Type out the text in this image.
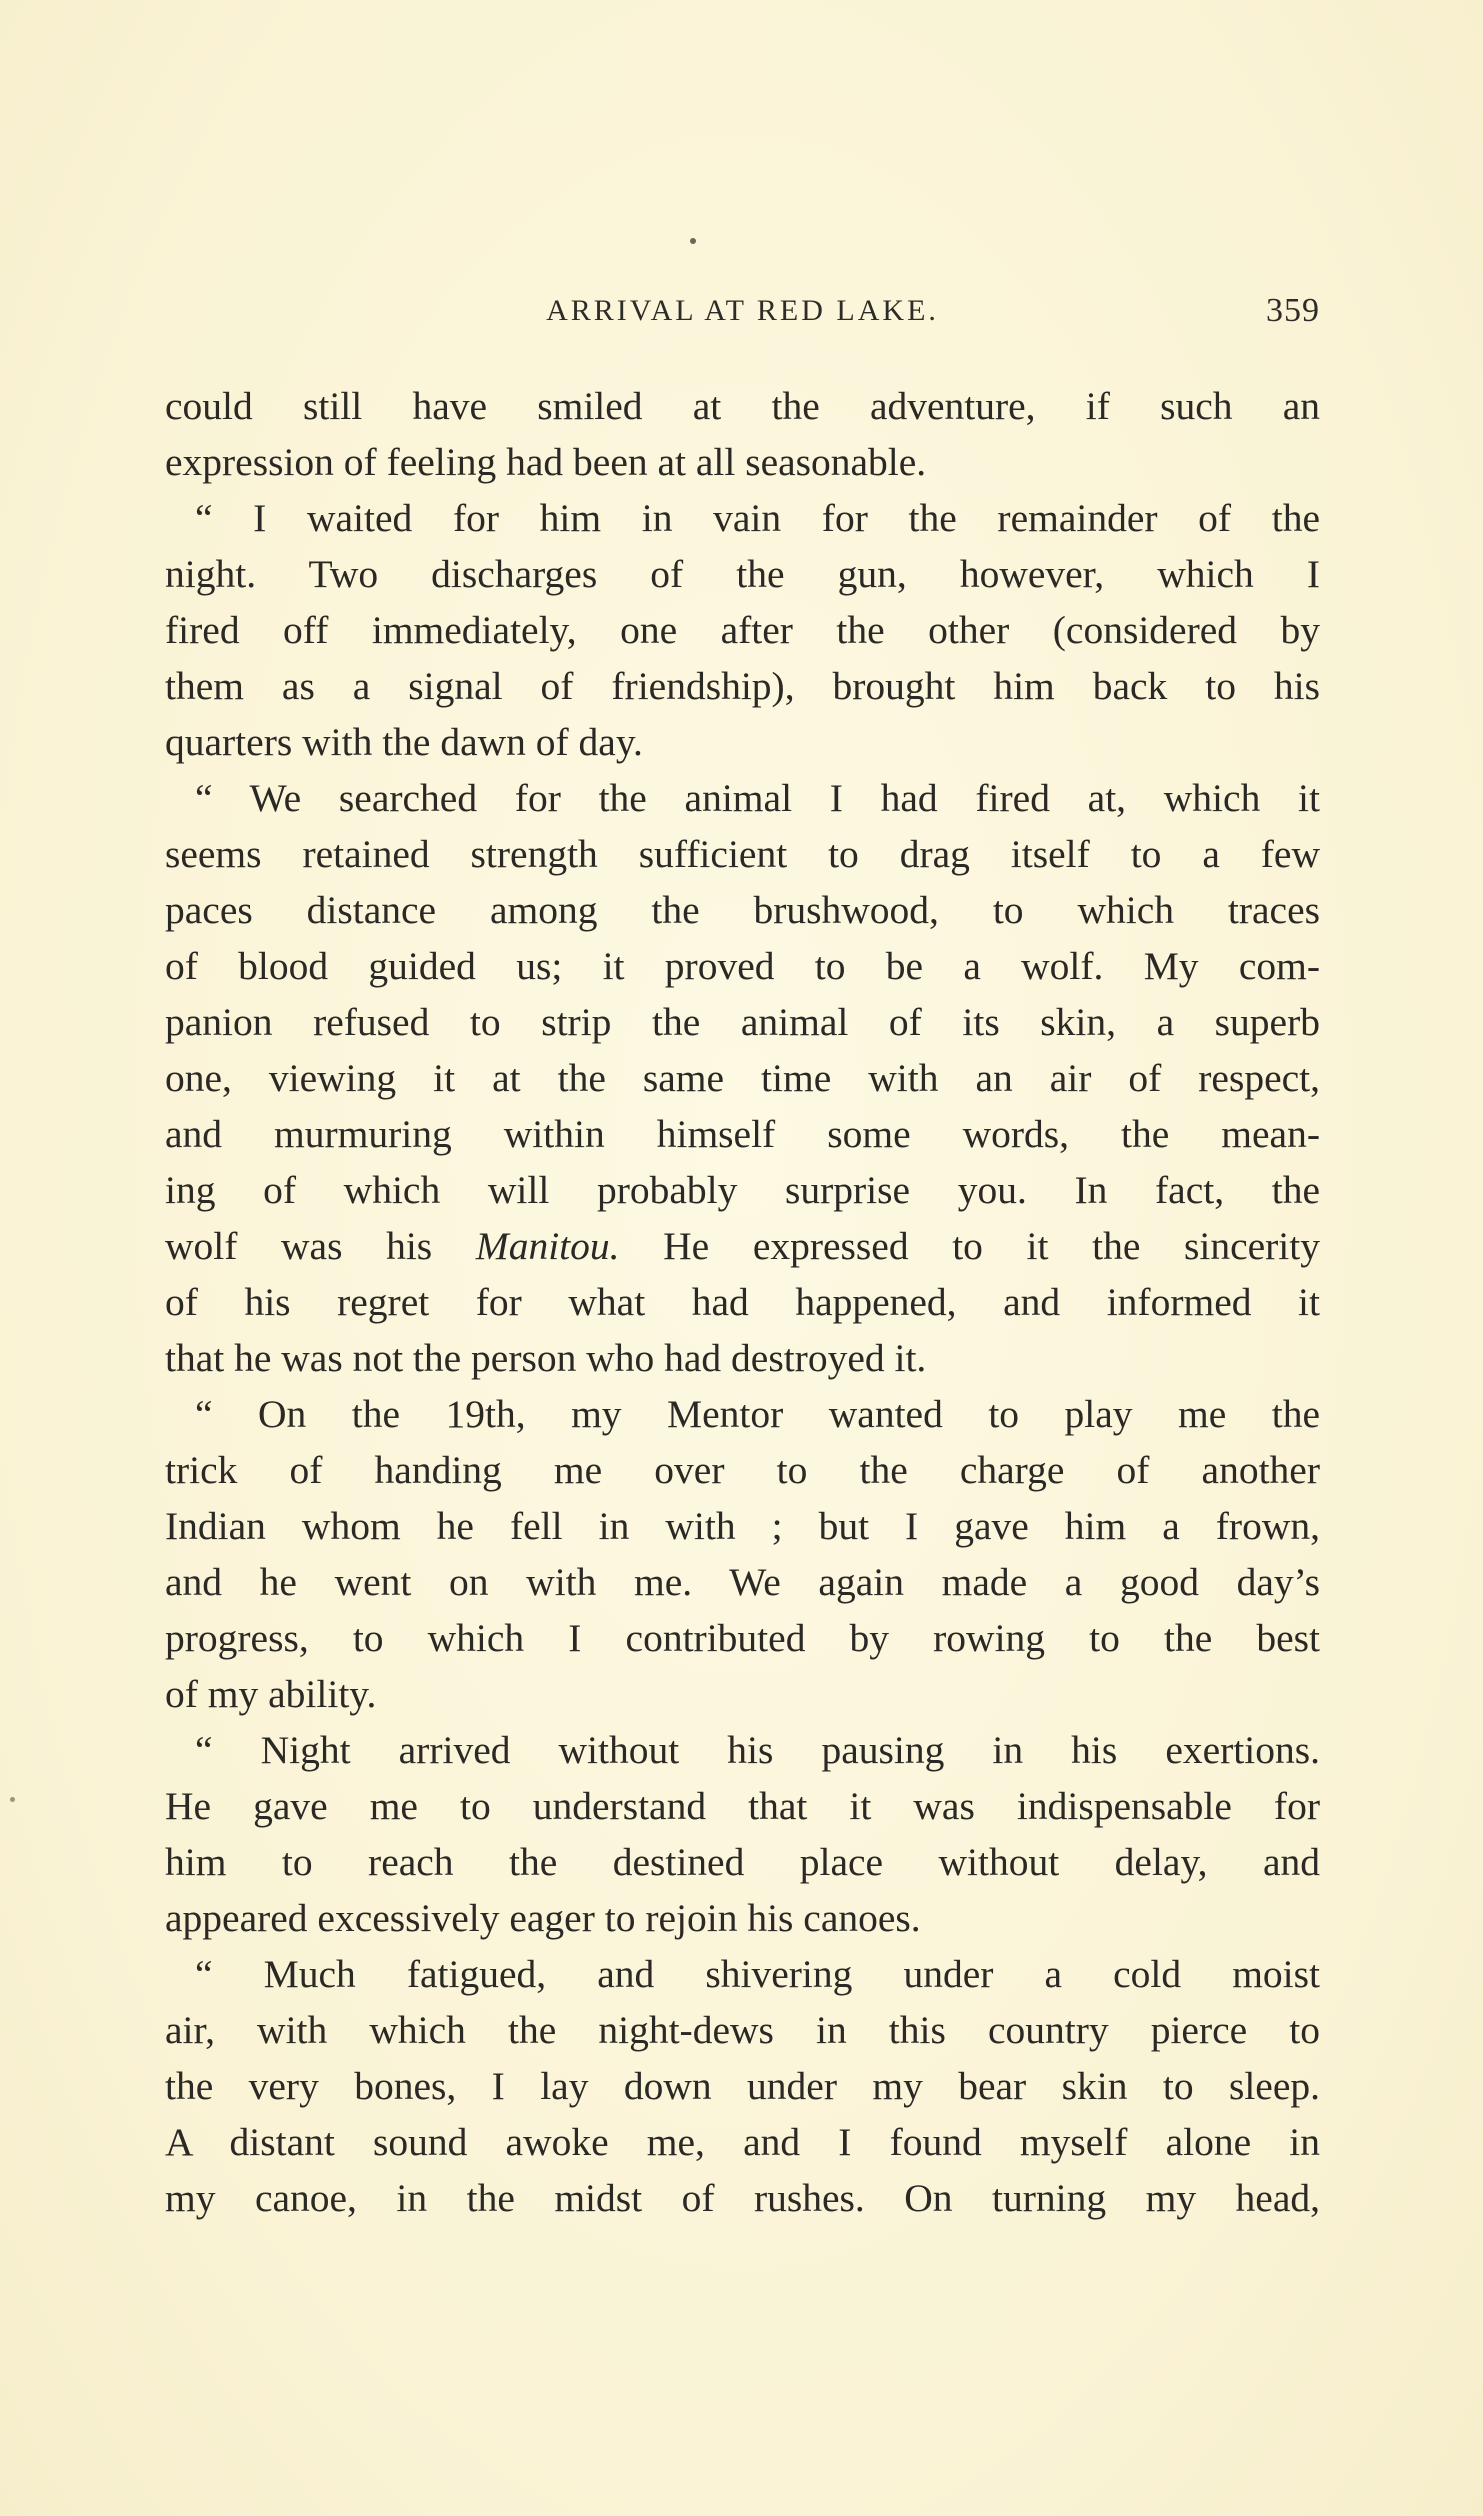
ARRIVAL AT RED LAKE.	359
could still have smiled at the adventure, if such an
expression of feeling had been at all seasonable.
“ I waited for him in vain for the remainder of the
night. Two discharges of the gun, however, which I
fired off immediately, one after the other (considered by
them as a signal of friendship), brought him back to his
quarters with the dawn of day.
“ We searched for the animal I had fired at, which it
seems retained strength sufficient to drag itself to a few
paces distance among the brushwood, to which traces
of blood guided us; it proved to be a wolf. My com-
panion refused to strip the animal of its skin, a superb
one, viewing it at the same time with an air of respect,
and murmuring within himself some words, the mean-
ing of which will probably surprise you. In fact, the
wolf was his Manitou. He expressed to it the sincerity
of his regret for what had happened, and informed it
that he was not the person who had destroyed it.
“ On the 19th, my Mentor wanted to play me the
trick of handing me over to the charge of another
Indian whom he fell in with ; but I gave him a frown,
and he went on with me. We again made a good day’s
progress, to which I contributed by rowing to the best
of my ability.
“ Night arrived without his pausing in his exertions.
He gave me to understand that it was indispensable for
him to reach the destined place without delay, and
appeared excessively eager to rejoin his canoes.
“ Much fatigued, and shivering under a cold moist
air, with which the night-dews in this country pierce to
the very bones, I lay down under my bear skin to sleep.
A distant sound awoke me, and I found myself alone in
my canoe, in the midst of rushes. On turning my head,
